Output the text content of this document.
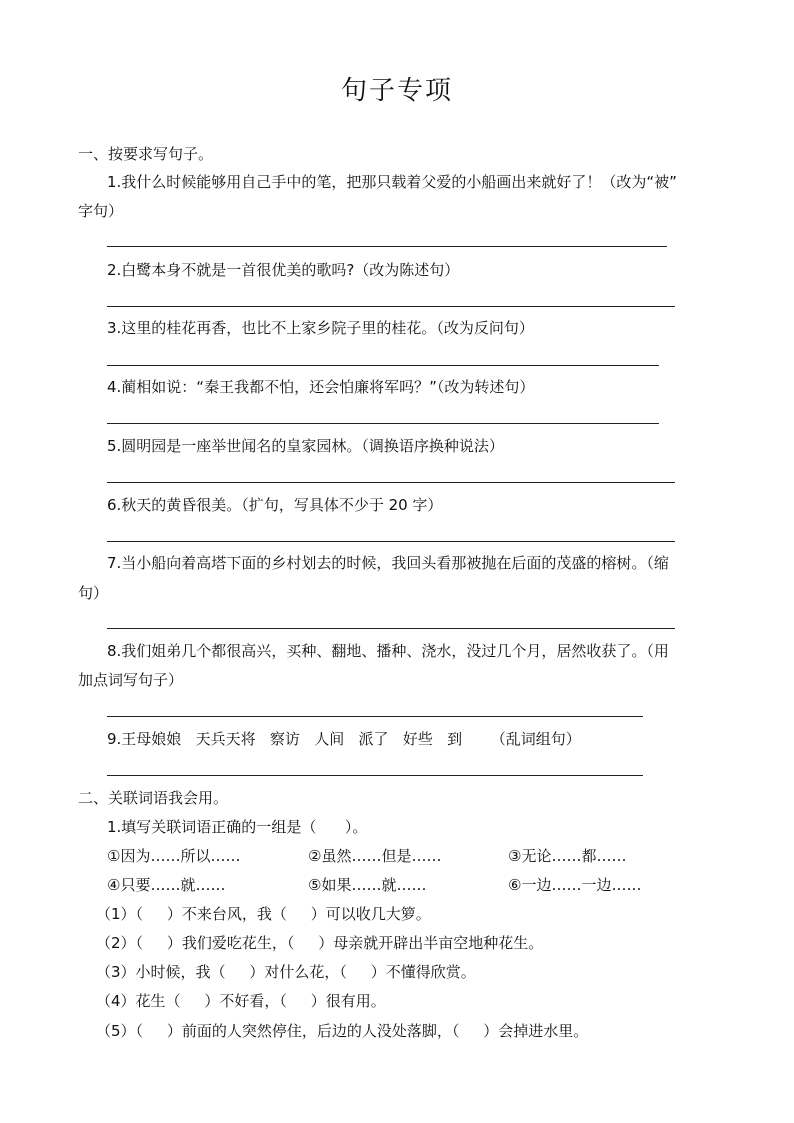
句子专项
一、按要求写句子。
1.我什么时候能够用自己手中的笔，把那只载着父爱的小船画出来就好了！（改为“被”
字句）
2.白鹭本身不就是一首很优美的歌吗?（改为陈述句）
3.这里的桂花再香，也比不上家乡院子里的桂花。（改为反问句）
4.蔺相如说：“秦王我都不怕，还会怕廉将军吗？”（改为转述句）
5.圆明园是一座举世闻名的皇家园林。（调换语序换种说法）
6.秋天的黄昏很美。（扩句，写具体不少于 20 字）
7.当小船向着高塔下面的乡村划去的时候，我回头看那被抛在后面的茂盛的榕树。（缩
句）
8.我们姐弟几个都很高兴，买种、翻地、播种、浇水，没过几个月，居然收获了。（用
加点词写句子）
9.王母娘娘   天兵天将   察访   人间   派了   好些   到      （乱词组句）
二、关联词语我会用。
1.填写关联词语正确的一组是（      ）。
①因为……所以……	②虽然……但是……	③无论……都……
④只要……就……	⑤如果……就……	⑥一边……一边……
（1）（     ）不来台风，我（     ）可以收几大箩。
（2）（     ）我们爱吃花生，（     ）母亲就开辟出半亩空地种花生。
（3）小时候，我（     ）对什么花，（     ）不懂得欣赏。
（4）花生（     ）不好看，（     ）很有用。
（5）（     ）前面的人突然停住，后边的人没处落脚，（     ）会掉进水里。
